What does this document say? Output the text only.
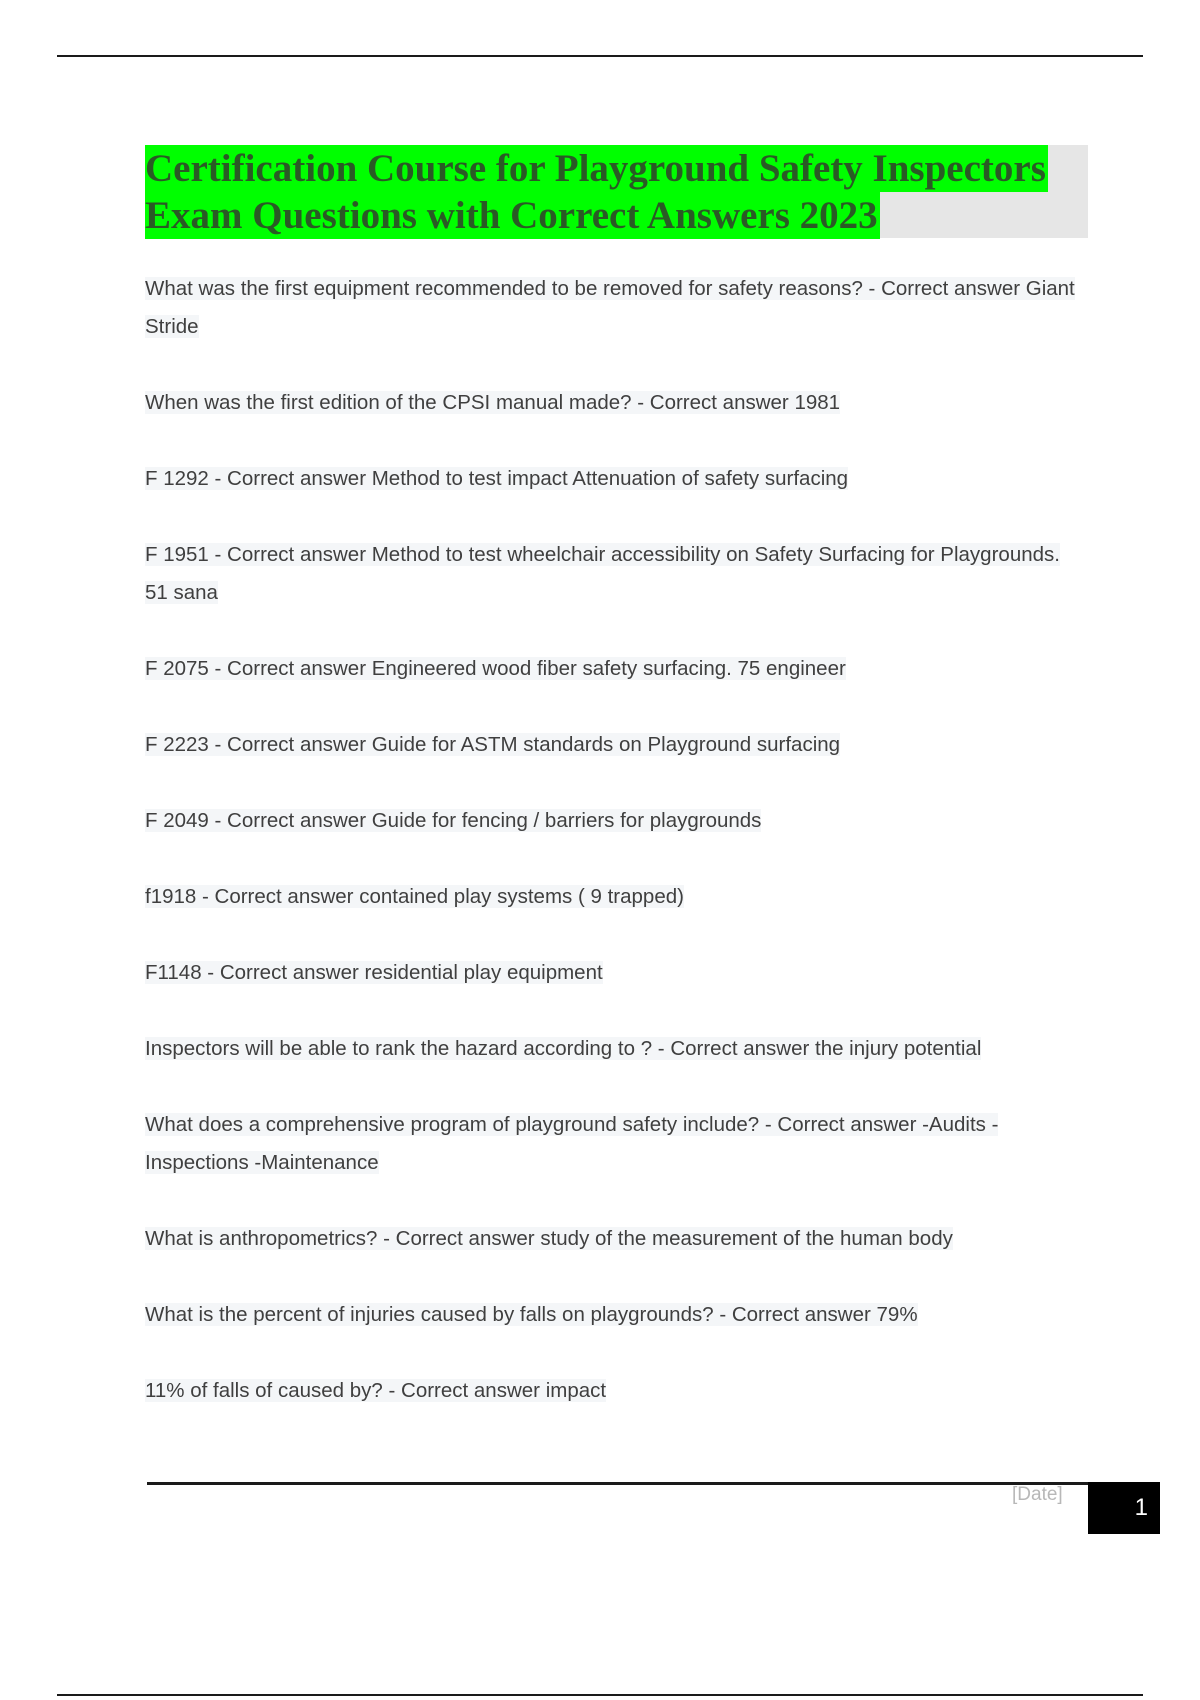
Certification Course for Playground Safety Inspectors
Exam Questions with Correct Answers 2023
What was the first equipment recommended to be removed for safety reasons? - Correct answer Giant Stride
When was the first edition of the CPSI manual made? - Correct answer 1981
F 1292 - Correct answer Method to test impact Attenuation of safety surfacing
F 1951 - Correct answer Method to test wheelchair accessibility on Safety Surfacing for Playgrounds. 51 sana
F 2075 - Correct answer Engineered wood fiber safety surfacing. 75 engineer
F 2223 - Correct answer Guide for ASTM standards on Playground surfacing
F 2049 - Correct answer Guide for fencing / barriers for playgrounds
f1918 - Correct answer contained play systems ( 9 trapped)
F1148 - Correct answer residential play equipment
Inspectors will be able to rank the hazard according to ? - Correct answer the injury potential
What does a comprehensive program of playground safety include? - Correct answer -Audits -Inspections -Maintenance
What is anthropometrics? - Correct answer study of the measurement of the human body
What is the percent of injuries caused by falls on playgrounds? - Correct answer 79%
11% of falls of caused by? - Correct answer impact
[Date]	1
